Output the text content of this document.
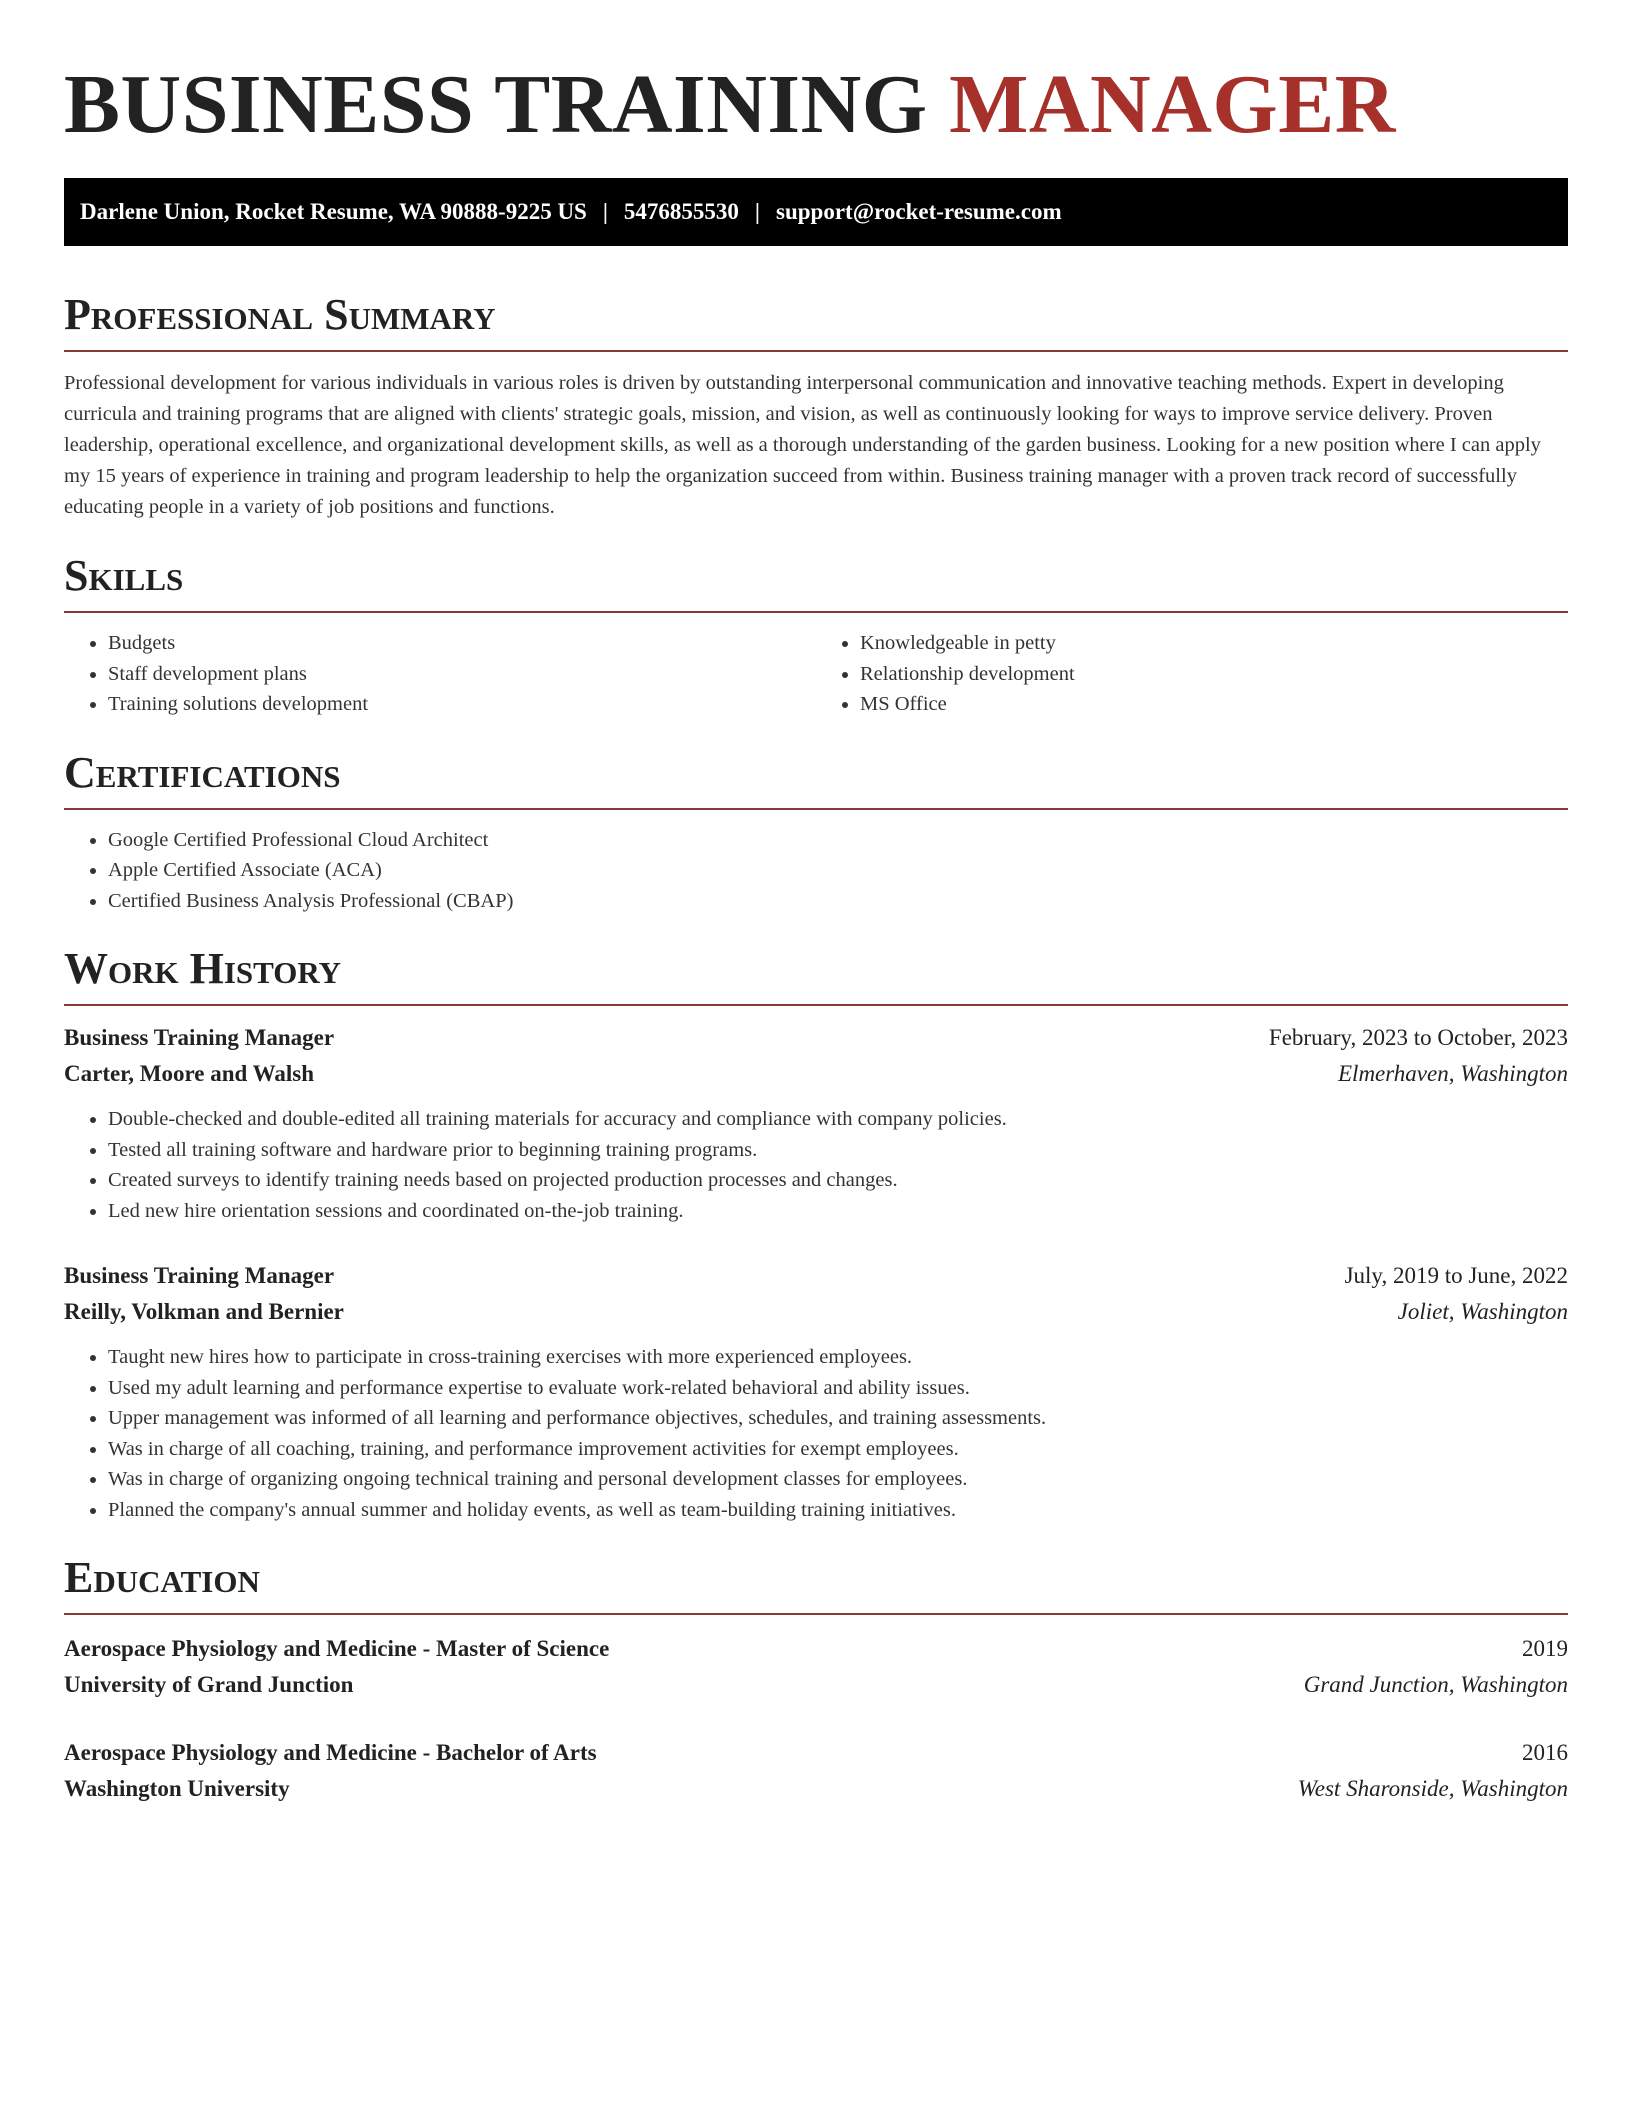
BUSINESS TRAINING MANAGER
Darlene Union, Rocket Resume, WA 90888-9225 US | 5476855530 | support@rocket-resume.com
Professional Summary

Professional development for various individuals in various roles is driven by outstanding interpersonal communication and innovative teaching methods. Expert in developing curricula and training programs that are aligned with clients' strategic goals, mission, and vision, as well as continuously looking for ways to improve service delivery. Proven leadership, operational excellence, and organizational development skills, as well as a thorough understanding of the garden business. Looking for a new position where I can apply my 15 years of experience in training and program leadership to help the organization succeed from within. Business training manager with a proven track record of successfully educating people in a variety of job positions and functions.

Skills
• Budgets
• Staff development plans
• Training solutions development
• Knowledgeable in petty
• Relationship development
• MS Office
Certifications
• Google Certified Professional Cloud Architect
• Apple Certified Associate (ACA)
• Certified Business Analysis Professional (CBAP)
Work History
Business Training Manager	February, 2023 to October, 2023
Carter, Moore and Walsh	Elmerhaven, Washington
• Double-checked and double-edited all training materials for accuracy and compliance with company policies.
• Tested all training software and hardware prior to beginning training programs.
• Created surveys to identify training needs based on projected production processes and changes.
• Led new hire orientation sessions and coordinated on-the-job training.
Business Training Manager	July, 2019 to June, 2022
Reilly, Volkman and Bernier	Joliet, Washington
• Taught new hires how to participate in cross-training exercises with more experienced employees.
• Used my adult learning and performance expertise to evaluate work-related behavioral and ability issues.
• Upper management was informed of all learning and performance objectives, schedules, and training assessments.
• Was in charge of all coaching, training, and performance improvement activities for exempt employees.
• Was in charge of organizing ongoing technical training and personal development classes for employees.
• Planned the company's annual summer and holiday events, as well as team-building training initiatives.
Education
Aerospace Physiology and Medicine - Master of Science	2019
University of Grand Junction	Grand Junction, Washington
Aerospace Physiology and Medicine - Bachelor of Arts	2016
Washington University	West Sharonside, Washington
